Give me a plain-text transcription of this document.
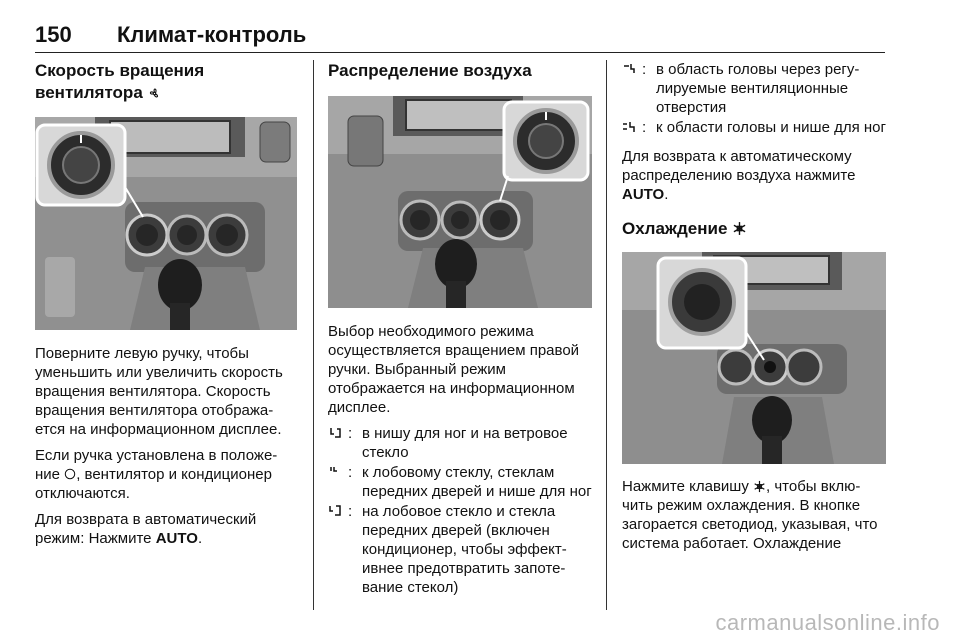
150 Климат-контроль
Скорость вращения
вентилятора

Поверните левую ручку, чтобы уменьшить или увеличить скорость вращения вентилятора. Скорость вращения вентилятора отобража-ется на информационном дисплее.

Если ручка установлена в положе-ние , вентилятор и кондиционер отключаются.

Для возврата в автоматический режим: Нажмите AUTO.

Распределение воздуха

Выбор необходимого режима осуществляется вращением правой ручки. Выбранный режим отображается на информационном дисплее.

: в нишу для ног и на ветровое стекло
: к лобовому стеклу, стеклам передних дверей и нише для ног
: на лобовое стекло и стекла передних дверей (включен кондиционер, чтобы эффект-ивнее предотвратить запоте-вание стекол)
: в область головы через регу-лируемые вентиляционные отверстия
: к области головы и нише для ног

Для возврата к автоматическому распределению воздуха нажмите AUTO.

Охлаждение

Нажмите клавишу , чтобы вклю-чить режим охлаждения. В кнопке загорается светодиод, указывая, что система работает. Охлаждение

carmanualsonline.info
